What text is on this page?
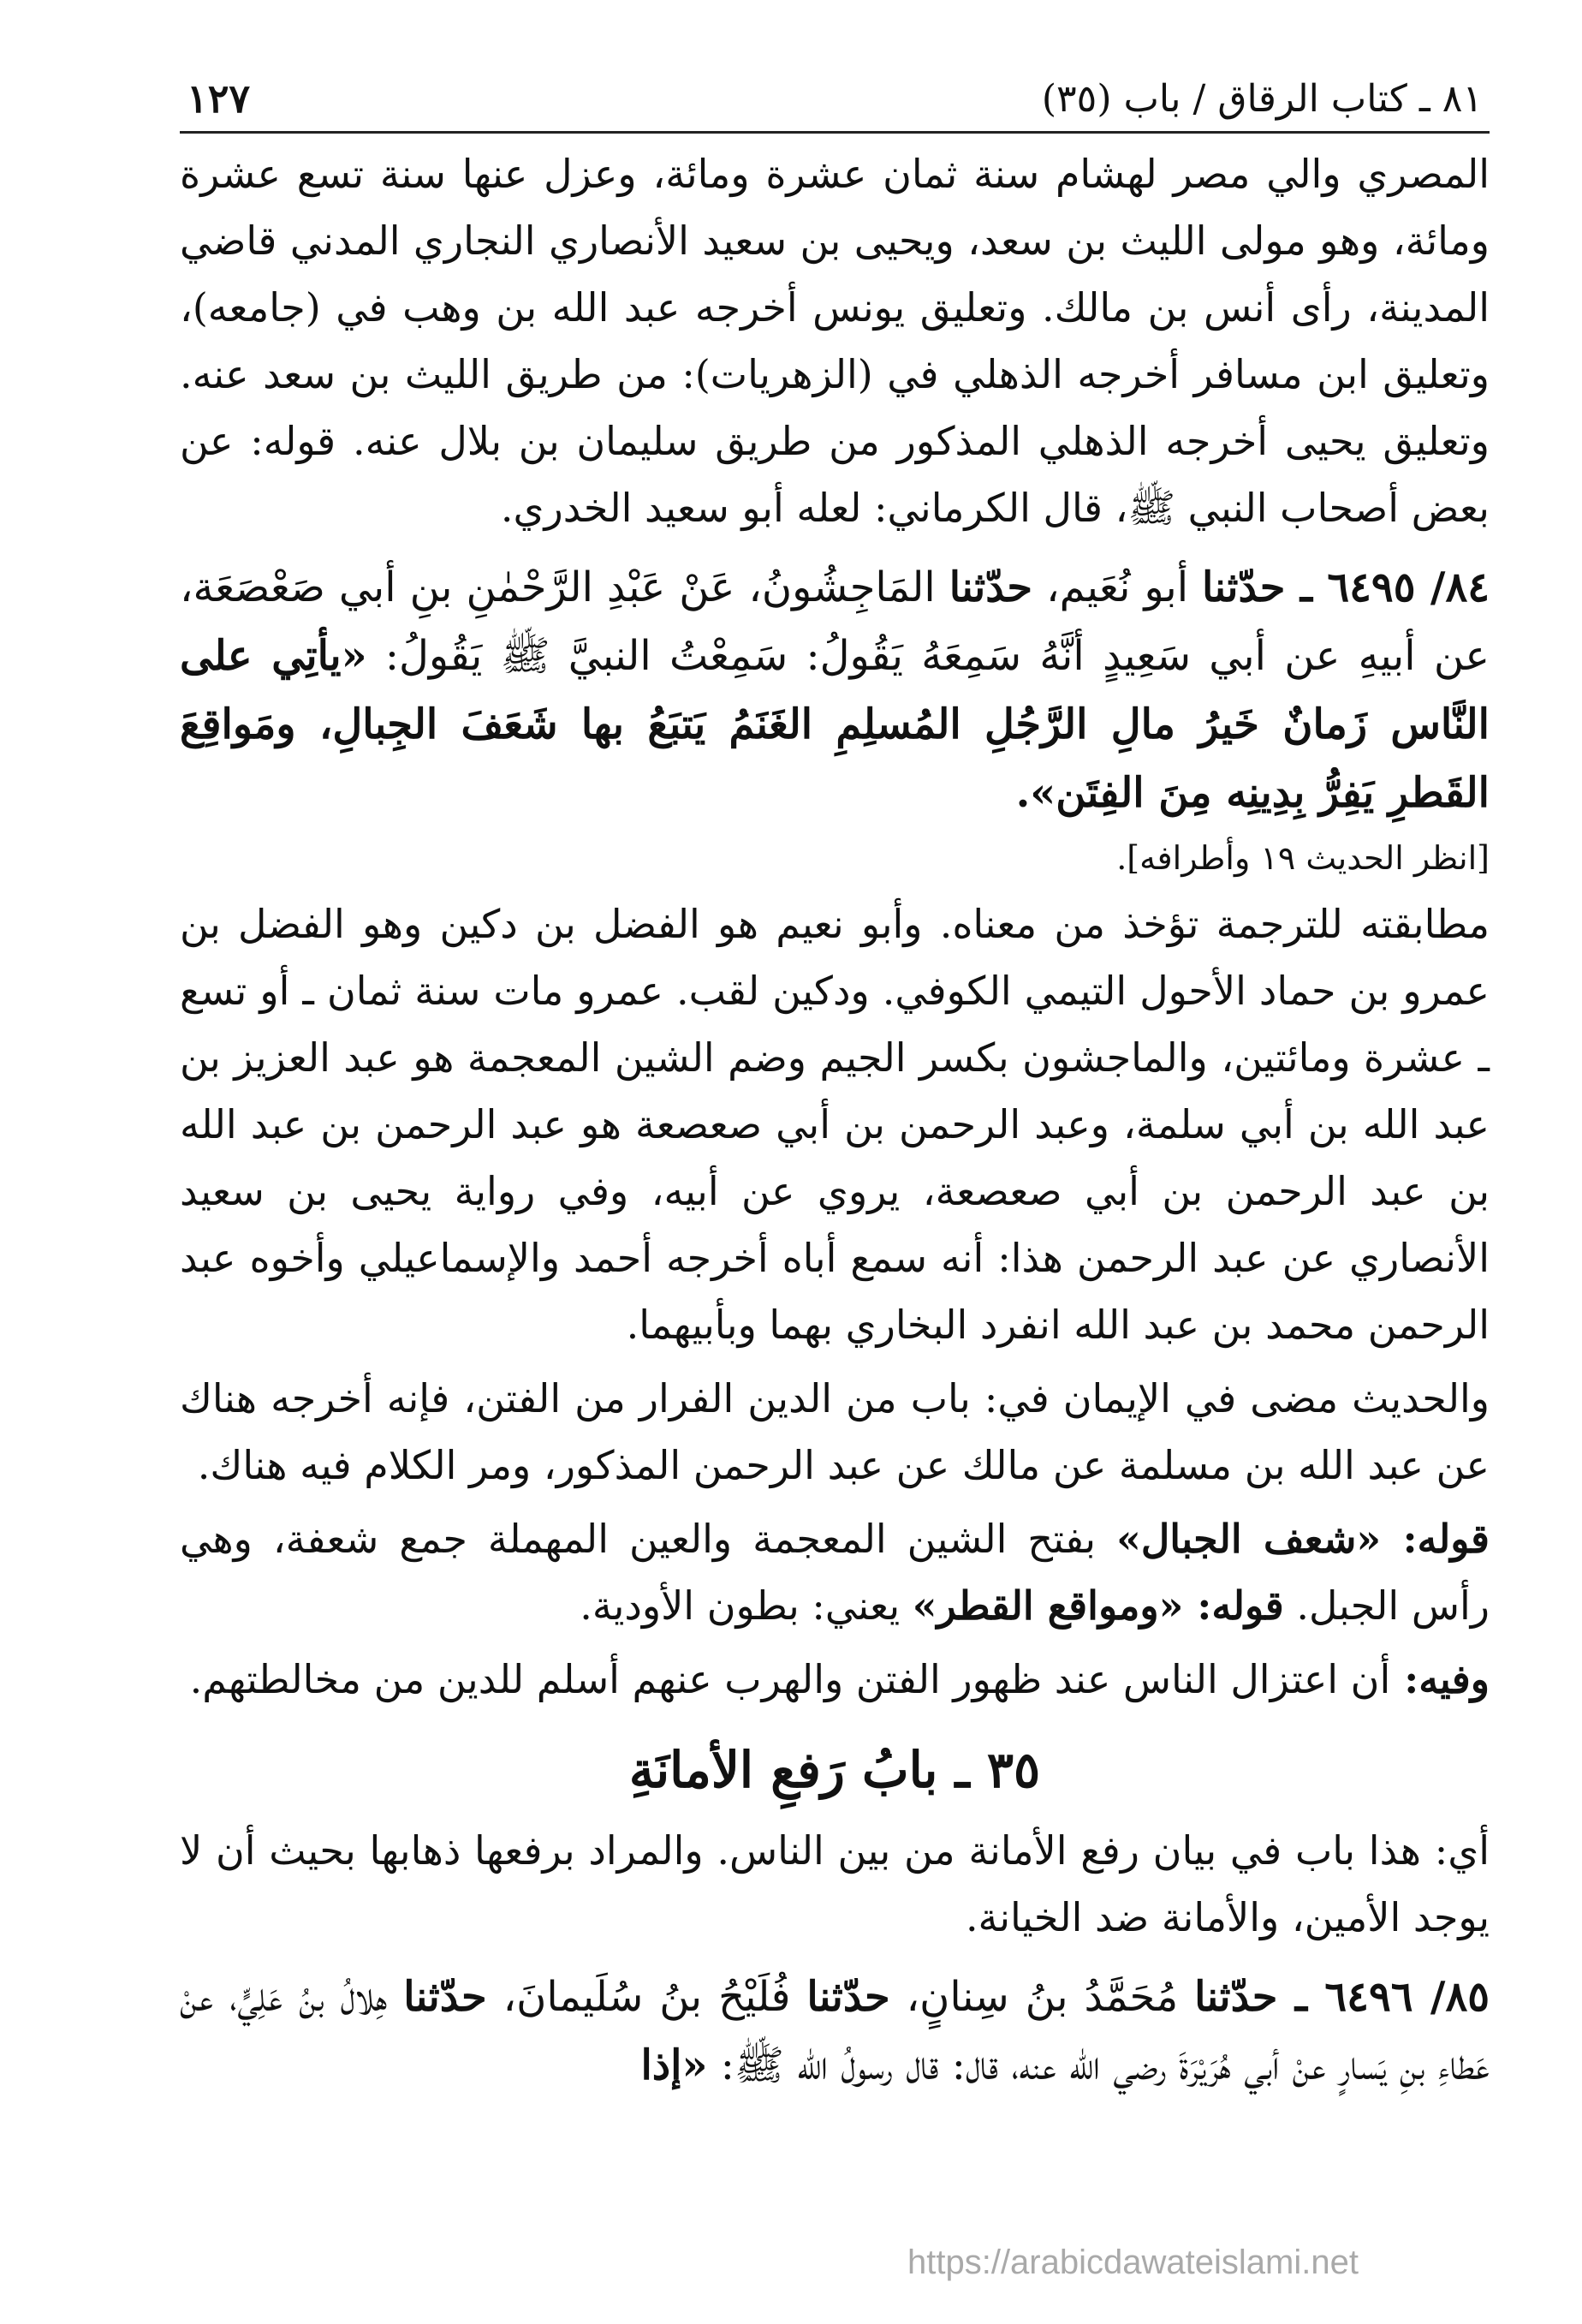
٨١ ـ كتاب الرقاق / باب (٣٥)
١٢٧

المصري والي مصر لهشام سنة ثمان عشرة ومائة، وعزل عنها سنة تسع عشرة ومائة، وهو مولى الليث بن سعد، ويحيى بن سعيد الأنصاري النجاري المدني قاضي المدينة، رأى أنس بن مالك. وتعليق يونس أخرجه عبد الله بن وهب في (جامعه)، وتعليق ابن مسافر أخرجه الذهلي في (الزهريات): من طريق الليث بن سعد عنه. وتعليق يحيى أخرجه الذهلي المذكور من طريق سليمان بن بلال عنه. قوله: عن بعض أصحاب النبي ﷺ، قال الكرماني: لعله أبو سعيد الخدري.

٨٤/ ٦٤٩٥ ـ حدّثنا أبو نُعَيم، حدّثنا المَاجِشُونُ، عَنْ عَبْدِ الرَّحْمٰنِ بنِ أبي صَعْصَعَة، عن أبيهِ عن أبي سَعِيدٍ أنَّهُ سَمِعَهُ يَقُولُ: سَمِعْتُ النبيَّ ﷺ يَقُولُ: «يأتِي على النَّاس زَمانٌ خَيرُ مالِ الرَّجُلِ المُسلِمِ الغَنَمُ يَتبَعُ بها شَعَفَ الجِبالِ، ومَواقِعَ القَطرِ يَفِرُّ بِدِينِه مِنَ الفِتَن».

[انظر الحديث ١٩ وأطرافه].

مطابقته للترجمة تؤخذ من معناه. وأبو نعيم هو الفضل بن دكين وهو الفضل بن عمرو بن حماد الأحول التيمي الكوفي. ودكين لقب. عمرو مات سنة ثمان ـ أو تسع ـ عشرة ومائتين، والماجشون بكسر الجيم وضم الشين المعجمة هو عبد العزيز بن عبد الله بن أبي سلمة، وعبد الرحمن بن أبي صعصعة هو عبد الرحمن بن عبد الله بن عبد الرحمن بن أبي صعصعة، يروي عن أبيه، وفي رواية يحيى بن سعيد الأنصاري عن عبد الرحمن هذا: أنه سمع أباه أخرجه أحمد والإسماعيلي وأخوه عبد الرحمن محمد بن عبد الله انفرد البخاري بهما وبأبيهما.

والحديث مضى في الإيمان في: باب من الدين الفرار من الفتن، فإنه أخرجه هناك عن عبد الله بن مسلمة عن مالك عن عبد الرحمن المذكور، ومر الكلام فيه هناك.

قوله: «شعف الجبال» بفتح الشين المعجمة والعين المهملة جمع شعفة، وهي رأس الجبل. قوله: «ومواقع القطر» يعني: بطون الأودية.

وفيه: أن اعتزال الناس عند ظهور الفتن والهرب عنهم أسلم للدين من مخالطتهم.

٣٥ ـ بابُ رَفعِ الأمانَةِ

أي: هذا باب في بيان رفع الأمانة من بين الناس. والمراد برفعها ذهابها بحيث أن لا يوجد الأمين، والأمانة ضد الخيانة.

٨٥/ ٦٤٩٦ ـ حدّثنا مُحَمَّدُ بنُ سِنانٍ، حدّثنا فُلَيْحُ بنُ سُلَيمانَ، حدّثنا هِلالُ بنُ عَلِيٍّ، عنْ عَطاءِ بنِ يَسارٍ عنْ أبي هُرَيْرَةَ رضي الله عنه، قال: قال رسولُ الله ﷺ: «إذا

https://arabicdawateislami.net
